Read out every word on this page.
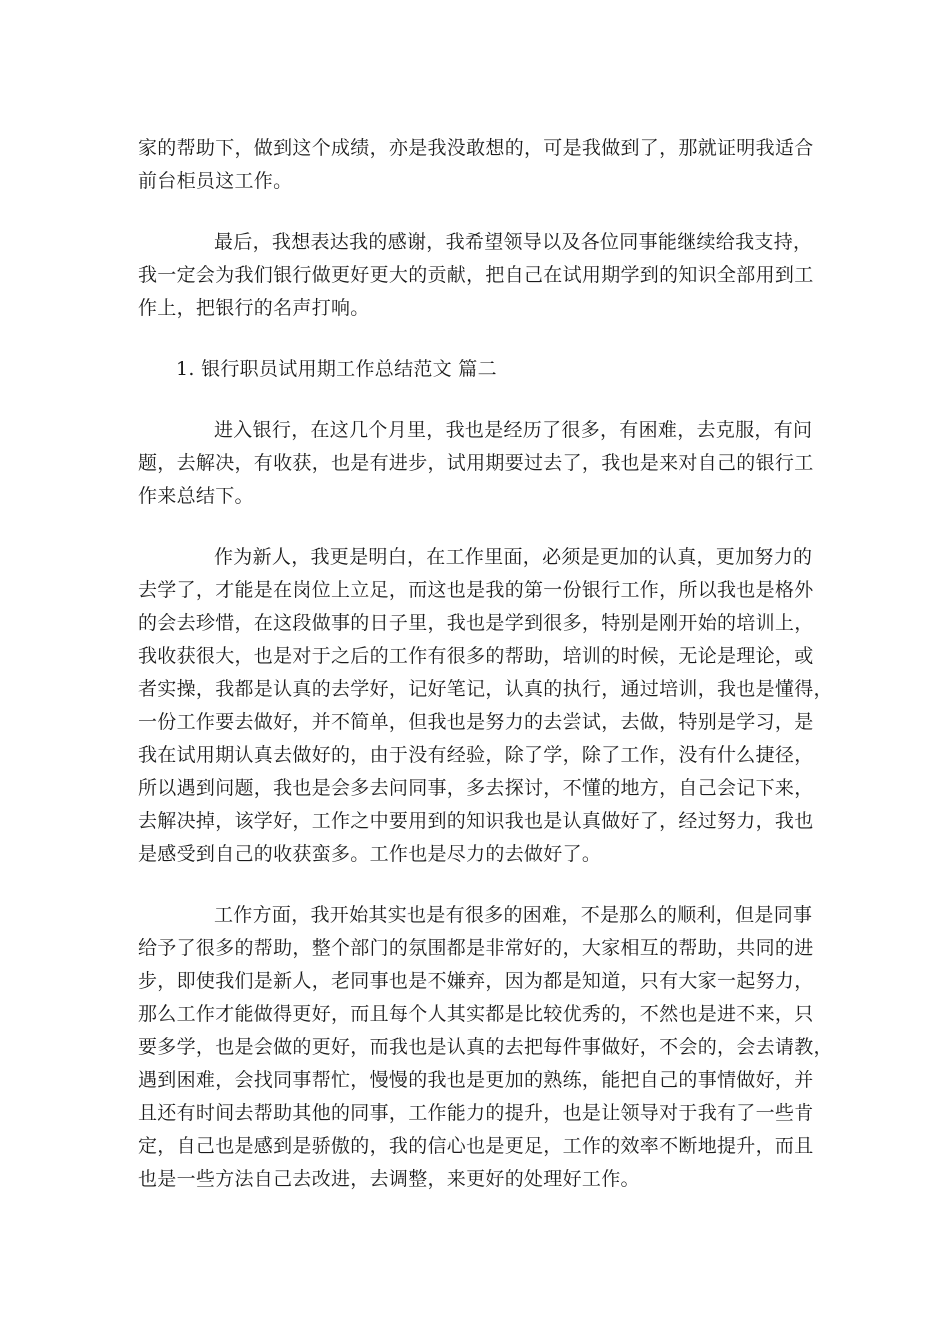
家的帮助下，做到这个成绩，亦是我没敢想的，可是我做到了，那就证明我适合
前台柜员这工作。
最后，我想表达我的感谢，我希望领导以及各位同事能继续给我支持，
我一定会为我们银行做更好更大的贡献，把自己在试用期学到的知识全部用到工
作上，把银行的名声打响。
1. 银行职员试用期工作总结范文 篇二
进入银行，在这几个月里，我也是经历了很多，有困难，去克服，有问
题，去解决，有收获，也是有进步，试用期要过去了，我也是来对自己的银行工
作来总结下。
作为新人，我更是明白，在工作里面，必须是更加的认真，更加努力的
去学了，才能是在岗位上立足，而这也是我的第一份银行工作，所以我也是格外
的会去珍惜，在这段做事的日子里，我也是学到很多，特别是刚开始的培训上，
我收获很大，也是对于之后的工作有很多的帮助，培训的时候，无论是理论，或
者实操，我都是认真的去学好，记好笔记，认真的执行，通过培训，我也是懂得，
一份工作要去做好，并不简单，但我也是努力的去尝试，去做，特别是学习，是
我在试用期认真去做好的，由于没有经验，除了学，除了工作，没有什么捷径，
所以遇到问题，我也是会多去问同事，多去探讨，不懂的地方，自己会记下来，
去解决掉，该学好，工作之中要用到的知识我也是认真做好了，经过努力，我也
是感受到自己的收获蛮多。工作也是尽力的去做好了。
工作方面，我开始其实也是有很多的困难，不是那么的顺利，但是同事
给予了很多的帮助，整个部门的氛围都是非常好的，大家相互的帮助，共同的进
步，即使我们是新人，老同事也是不嫌弃，因为都是知道，只有大家一起努力，
那么工作才能做得更好，而且每个人其实都是比较优秀的，不然也是进不来，只
要多学，也是会做的更好，而我也是认真的去把每件事做好，不会的，会去请教，
遇到困难，会找同事帮忙，慢慢的我也是更加的熟练，能把自己的事情做好，并
且还有时间去帮助其他的同事，工作能力的提升，也是让领导对于我有了一些肯
定，自己也是感到是骄傲的，我的信心也是更足，工作的效率不断地提升，而且
也是一些方法自己去改进，去调整，来更好的处理好工作。
